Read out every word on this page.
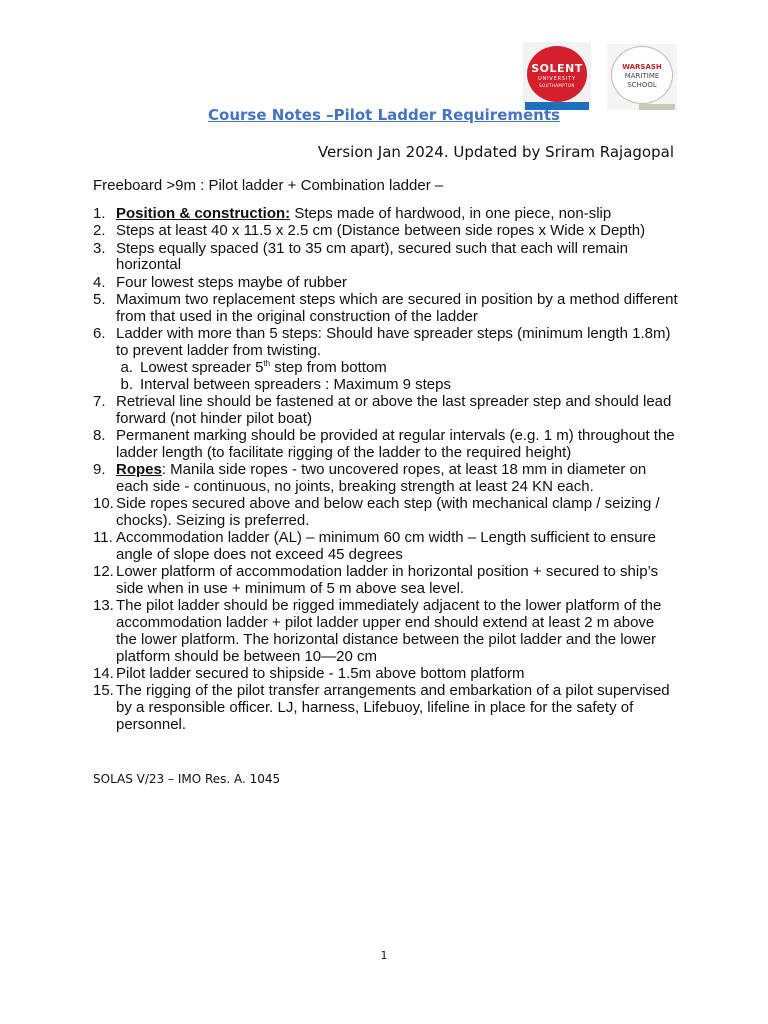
SOLENT
UNIVERSITY
SOUTHAMPTON
WARSASH
MARITIME
SCHOOL
Course Notes –Pilot Ladder Requirements
Version Jan 2024. Updated by Sriram Rajagopal
Freeboard >9m : Pilot ladder + Combination ladder –
1. Position & construction: Steps made of hardwood, in one piece, non-slip
2. Steps at least 40 x 11.5 x 2.5 cm (Distance between side ropes x Wide x Depth)
3. Steps equally spaced (31 to 35 cm apart), secured such that each will remain horizontal
4. Four lowest steps maybe of rubber
5. Maximum two replacement steps which are secured in position by a method different from that used in the original construction of the ladder
6. Ladder with more than 5 steps: Should have spreader steps (minimum length 1.8m) to prevent ladder from twisting.
a. Lowest spreader 5th step from bottom
b. Interval between spreaders : Maximum 9 steps
7. Retrieval line should be fastened at or above the last spreader step and should lead forward (not hinder pilot boat)
8. Permanent marking should be provided at regular intervals (e.g. 1 m) throughout the ladder length (to facilitate rigging of the ladder to the required height)
9. Ropes: Manila side ropes - two uncovered ropes, at least 18 mm in diameter on each side - continuous, no joints, breaking strength at least 24 KN each.
10. Side ropes secured above and below each step (with mechanical clamp / seizing / chocks). Seizing is preferred.
11. Accommodation ladder (AL) – minimum 60 cm width – Length sufficient to ensure angle of slope does not exceed 45 degrees
12. Lower platform of accommodation ladder in horizontal position + secured to ship’s side when in use + minimum of 5 m above sea level.
13. The pilot ladder should be rigged immediately adjacent to the lower platform of the accommodation ladder + pilot ladder upper end should extend at least 2 m above the lower platform. The horizontal distance between the pilot ladder and the lower platform should be between 10—20 cm
14. Pilot ladder secured to shipside - 1.5m above bottom platform
15. The rigging of the pilot transfer arrangements and embarkation of a pilot supervised by a responsible officer. LJ, harness, Lifebuoy, lifeline in place for the safety of personnel.
SOLAS V/23 – IMO Res. A. 1045
1
